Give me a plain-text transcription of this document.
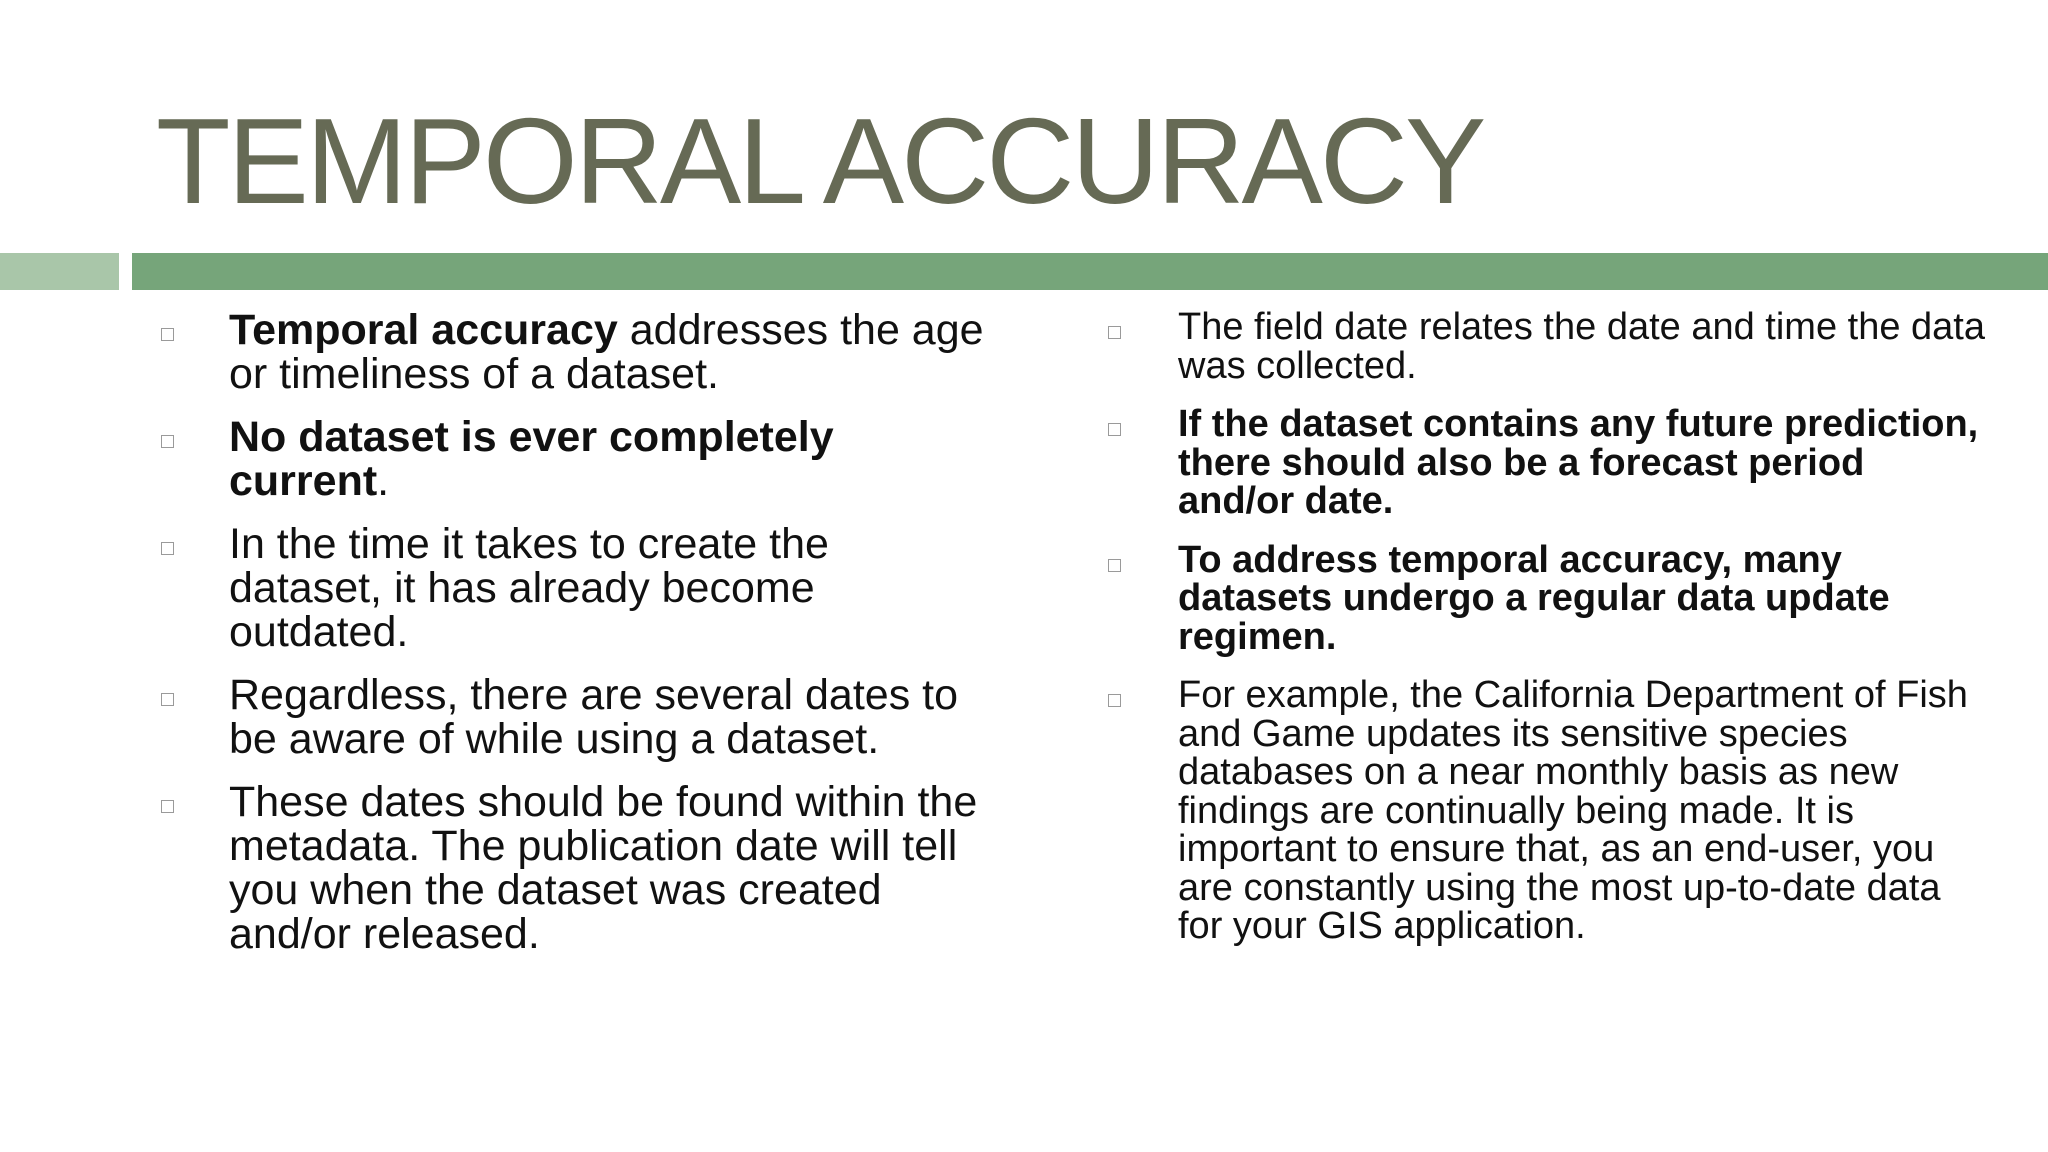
TEMPORAL ACCURACY
Temporal accuracy addresses the age or timeliness of a dataset.
No dataset is ever completely current.
In the time it takes to create the dataset, it has already become outdated.
Regardless, there are several dates to be aware of while using a dataset.
These dates should be found within the metadata. The publication date will tell you when the dataset was created and/or released.
The field date relates the date and time the data was collected.
If the dataset contains any future prediction, there should also be a forecast period and/or date.
To address temporal accuracy, many datasets undergo a regular data update regimen.
For example, the California Department of Fish and Game updates its sensitive species databases on a near monthly basis as new findings are continually being made. It is important to ensure that, as an end-user, you are constantly using the most up-to-date data for your GIS application.
